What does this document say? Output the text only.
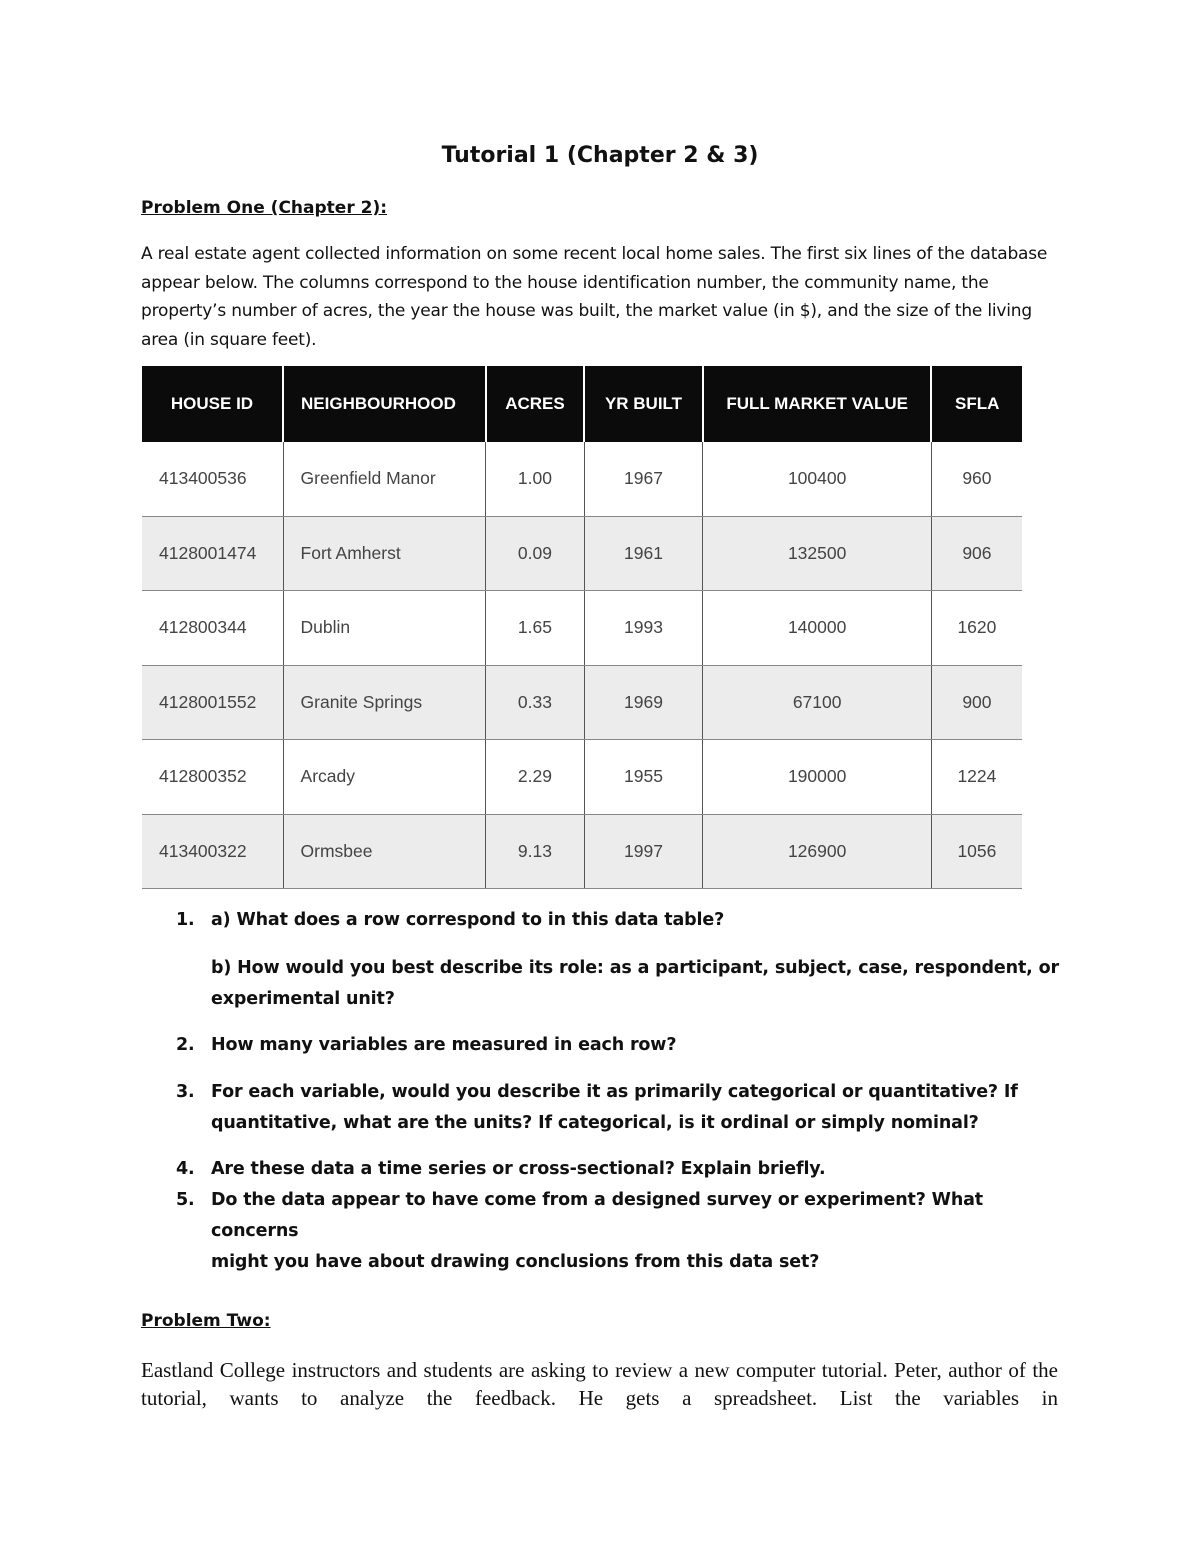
Tutorial 1 (Chapter 2 & 3)
Problem One (Chapter 2):
A real estate agent collected information on some recent local home sales. The first six lines of the database appear below. The columns correspond to the house identification number, the community name, the property’s number of acres, the year the house was built, the market value (in $), and the size of the living area (in square feet).
HOUSE ID	NEIGHBOURHOOD	ACRES	YR BUILT	FULL MARKET VALUE	SFLA
413400536	Greenfield Manor	1.00	1967	100400	960
4128001474	Fort Amherst	0.09	1961	132500	906
412800344	Dublin	1.65	1993	140000	1620
4128001552	Granite Springs	0.33	1969	67100	900
412800352	Arcady	2.29	1955	190000	1224
413400322	Ormsbee	9.13	1997	126900	1056
1. a) What does a row correspond to in this data table?
b) How would you best describe its role: as a participant, subject, case, respondent, or
experimental unit?
2. How many variables are measured in each row?
3. For each variable, would you describe it as primarily categorical or quantitative? If
quantitative, what are the units? If categorical, is it ordinal or simply nominal?
4. Are these data a time series or cross-sectional? Explain briefly.
5. Do the data appear to have come from a designed survey or experiment? What concerns
might you have about drawing conclusions from this data set?
Problem Two:
Eastland College instructors and students are asking to review a new computer tutorial. Peter, author of the tutorial, wants to analyze the feedback. He gets a spreadsheet. List the variables in
